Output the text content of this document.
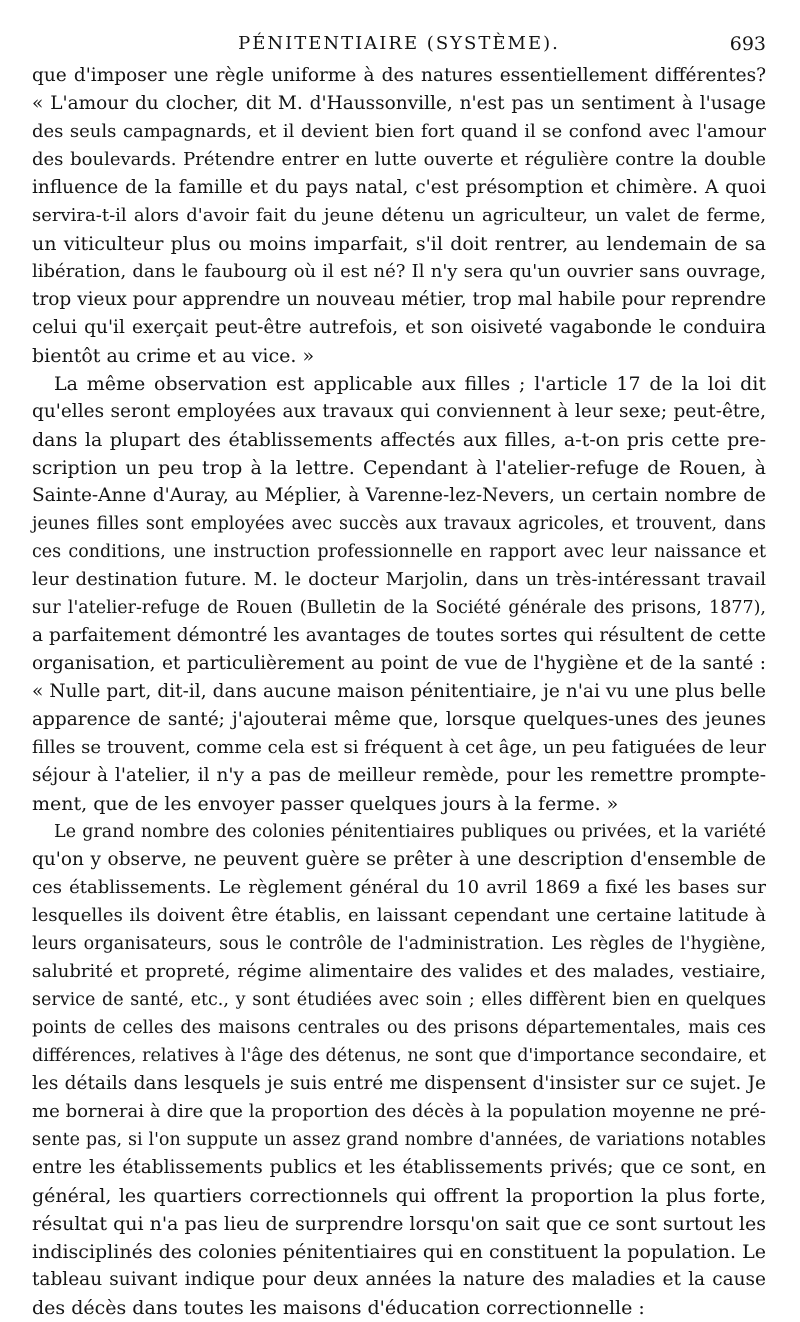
PÉNITENTIAIRE (SYSTÈME).	693
que d'imposer une règle uniforme à des natures essentiellement différentes?
« L'amour du clocher, dit M. d'Haussonville, n'est pas un sentiment à l'usage
des seuls campagnards, et il devient bien fort quand il se confond avec l'amour
des boulevards. Prétendre entrer en lutte ouverte et régulière contre la double
influence de la famille et du pays natal, c'est présomption et chimère. A quoi
servira-t-il alors d'avoir fait du jeune détenu un agriculteur, un valet de ferme,
un viticulteur plus ou moins imparfait, s'il doit rentrer, au lendemain de sa
libération, dans le faubourg où il est né? Il n'y sera qu'un ouvrier sans ouvrage,
trop vieux pour apprendre un nouveau métier, trop mal habile pour reprendre
celui qu'il exerçait peut-être autrefois, et son oisiveté vagabonde le conduira
bientôt au crime et au vice. »
La même observation est applicable aux filles ; l'article 17 de la loi dit
qu'elles seront employées aux travaux qui conviennent à leur sexe; peut-être,
dans la plupart des établissements affectés aux filles, a-t-on pris cette pre-
scription un peu trop à la lettre. Cependant à l'atelier-refuge de Rouen, à
Sainte-Anne d'Auray, au Méplier, à Varenne-lez-Nevers, un certain nombre de
jeunes filles sont employées avec succès aux travaux agricoles, et trouvent, dans
ces conditions, une instruction professionnelle en rapport avec leur naissance et
leur destination future. M. le docteur Marjolin, dans un très-intéressant travail
sur l'atelier-refuge de Rouen (Bulletin de la Société générale des prisons, 1877),
a parfaitement démontré les avantages de toutes sortes qui résultent de cette
organisation, et particulièrement au point de vue de l'hygiène et de la santé :
« Nulle part, dit-il, dans aucune maison pénitentiaire, je n'ai vu une plus belle
apparence de santé; j'ajouterai même que, lorsque quelques-unes des jeunes
filles se trouvent, comme cela est si fréquent à cet âge, un peu fatiguées de leur
séjour à l'atelier, il n'y a pas de meilleur remède, pour les remettre prompte-
ment, que de les envoyer passer quelques jours à la ferme. »
Le grand nombre des colonies pénitentiaires publiques ou privées, et la variété
qu'on y observe, ne peuvent guère se prêter à une description d'ensemble de
ces établissements. Le règlement général du 10 avril 1869 a fixé les bases sur
lesquelles ils doivent être établis, en laissant cependant une certaine latitude à
leurs organisateurs, sous le contrôle de l'administration. Les règles de l'hygiène,
salubrité et propreté, régime alimentaire des valides et des malades, vestiaire,
service de santé, etc., y sont étudiées avec soin ; elles diffèrent bien en quelques
points de celles des maisons centrales ou des prisons départementales, mais ces
différences, relatives à l'âge des détenus, ne sont que d'importance secondaire, et
les détails dans lesquels je suis entré me dispensent d'insister sur ce sujet. Je
me bornerai à dire que la proportion des décès à la population moyenne ne pré-
sente pas, si l'on suppute un assez grand nombre d'années, de variations notables
entre les établissements publics et les établissements privés; que ce sont, en
général, les quartiers correctionnels qui offrent la proportion la plus forte,
résultat qui n'a pas lieu de surprendre lorsqu'on sait que ce sont surtout les
indisciplinés des colonies pénitentiaires qui en constituent la population. Le
tableau suivant indique pour deux années la nature des maladies et la cause
des décès dans toutes les maisons d'éducation correctionnelle :
